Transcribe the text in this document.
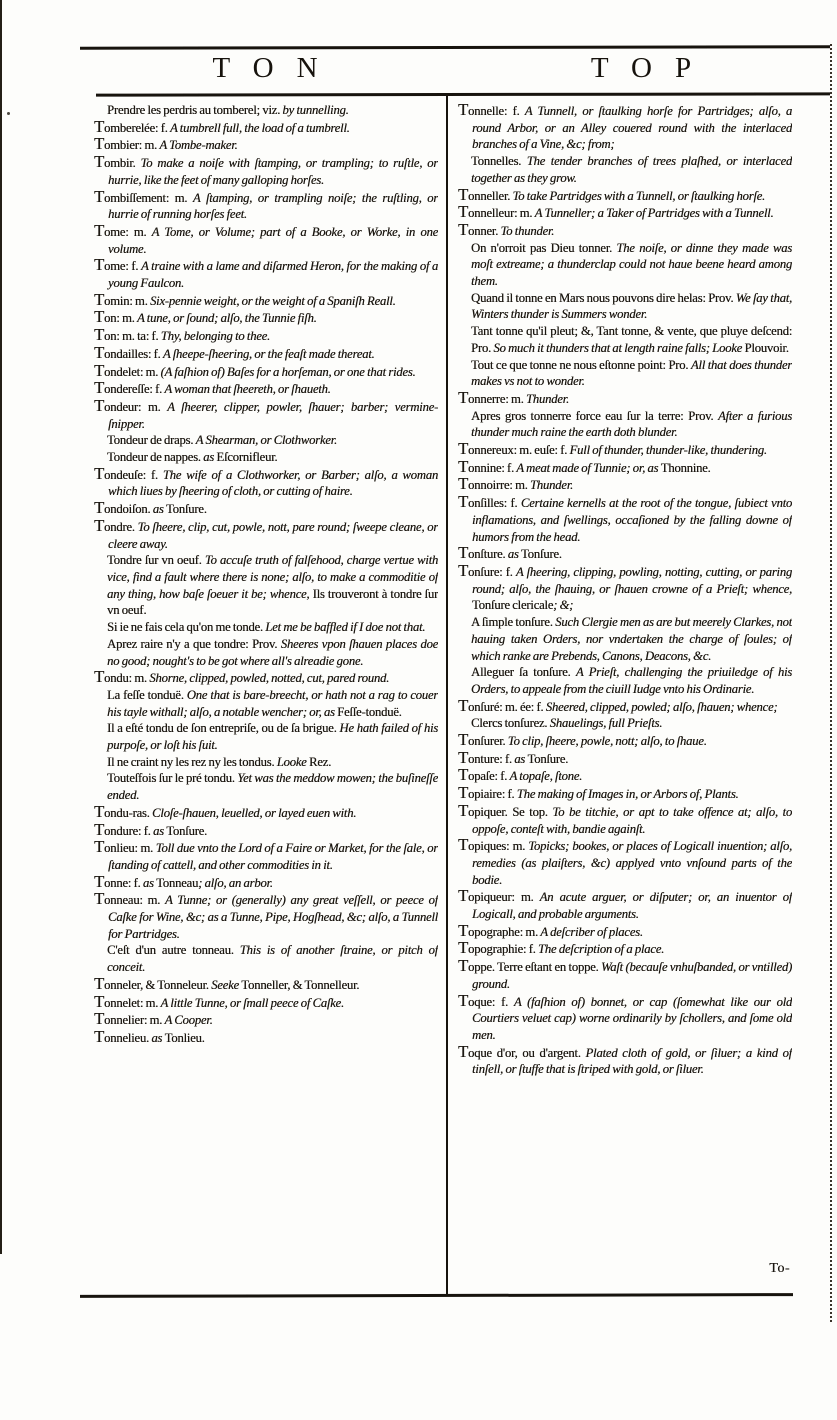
TON	TOP
Prendre les perdris au tomberel; viz. by tunnelling.
Tomberelée: f. A tumbrell full, the load of a tumbrell.
Tombier: m. A Tombe-maker.
Tombir. To make a noiſe with ſtamping, or trampling; to ruſtle, or hurrie, like the feet of many galloping horſes.
Tombiſſement: m. A ſtamping, or trampling noiſe; the ruſtling, or hurrie of running horſes feet.
Tome: m. A Tome, or Volume; part of a Booke, or Worke, in one volume.
Tome: f. A traine with a lame and diſarmed Heron, for the making of a young Faulcon.
Tomin: m. Six-pennie weight, or the weight of a Spaniſh Reall.
Ton: m. A tune, or ſound; alſo, the Tunnie fiſh.
Ton: m. ta: f. Thy, belonging to thee.
Tondailles: f. A ſheepe-ſheering, or the feaſt made thereat.
Tondelet: m. (A faſhion of) Baſes for a horſeman, or one that rides.
Tondereſſe: f. A woman that ſheereth, or ſhaueth.
Tondeur: m. A ſheerer, clipper, powler, ſhauer; barber; vermine-ſnipper.
Tondeur de draps. A Shearman, or Clothworker.
Tondeur de nappes. as Eſcornifleur.
Tondeuſe: f. The wife of a Clothworker, or Barber; alſo, a woman which liues by ſheering of cloth, or cutting of haire.
Tondoiſon. as Tonſure.
Tondre. To ſheere, clip, cut, powle, nott, pare round; ſweepe cleane, or cleere away.
Tondre ſur vn oeuf. To accuſe truth of falſehood, charge vertue with vice, find a fault where there is none; alſo, to make a commoditie of any thing, how baſe ſoeuer it be; whence, Ils trouveront à tondre ſur vn oeuf.
Si ie ne fais cela qu'on me tonde. Let me be baffled if I doe not that.
Aprez raire n'y a que tondre: Prov. Sheeres vpon ſhauen places doe no good; nought's to be got where all's alreadie gone.
Tondu: m. Shorne, clipped, powled, notted, cut, pared round.
La feſſe tonduë. One that is bare-breecht, or hath not a rag to couer his tayle withall; alſo, a notable wencher; or, as Feſſe-tonduë.
Il a eſté tondu de ſon entrepriſe, ou de ſa brigue. He hath failed of his purpoſe, or loſt his ſuit.
Il ne craint ny les rez ny les tondus. Looke Rez.
Touteſfois ſur le pré tondu. Yet was the meddow mowen; the buſineſſe ended.
Tondu-ras. Cloſe-ſhauen, leuelled, or layed euen with.
Tondure: f. as Tonſure.
Tonlieu: m. Toll due vnto the Lord of a Faire or Market, for the ſale, or ſtanding of cattell, and other commodities in it.
Tonne: f. as Tonneau; alſo, an arbor.
Tonneau: m. A Tunne; or (generally) any great veſſell, or peece of Caſke for Wine, &c; as a Tunne, Pipe, Hogſhead, &c; alſo, a Tunnell for Partridges.
C'eſt d'un autre tonneau. This is of another ſtraine, or pitch of conceit.
Tonneler, & Tonneleur. Seeke Tonneller, & Tonnelleur.
Tonnelet: m. A little Tunne, or ſmall peece of Caſke.
Tonnelier: m. A Cooper.
Tonnelieu. as Tonlieu.
Tonnelle: f. A Tunnell, or ſtaulking horſe for Partridges; alſo, a round Arbor, or an Alley couered round with the interlaced branches of a Vine, &c; from;
Tonnelles. The tender branches of trees plaſhed, or interlaced together as they grow.
Tonneller. To take Partridges with a Tunnell, or ſtaulking horſe.
Tonnelleur: m. A Tunneller; a Taker of Partridges with a Tunnell.
Tonner. To thunder.
On n'orroit pas Dieu tonner. The noiſe, or dinne they made was moſt extreame; a thunderclap could not haue beene heard among them.
Quand il tonne en Mars nous pouvons dire helas: Prov. We ſay that, Winters thunder is Summers wonder.
Tant tonne qu'il pleut; &, Tant tonne, & vente, que pluye deſcend: Pro. So much it thunders that at length raine falls; Looke Plouvoir.
Tout ce que tonne ne nous eſtonne point: Pro. All that does thunder makes vs not to wonder.
Tonnerre: m. Thunder.
Apres gros tonnerre force eau ſur la terre: Prov. After a furious thunder much raine the earth doth blunder.
Tonnereux: m. euſe: f. Full of thunder, thunder-like, thundering.
Tonnine: f. A meat made of Tunnie; or, as Thonnine.
Tonnoirre: m. Thunder.
Tonſilles: f. Certaine kernells at the root of the tongue, ſubiect vnto inflamations, and ſwellings, occaſioned by the falling downe of humors from the head.
Tonſture. as Tonſure.
Tonſure: f. A ſheering, clipping, powling, notting, cutting, or paring round; alſo, the ſhauing, or ſhauen crowne of a Prieſt; whence, Tonſure clericale; &;
A ſimple tonſure. Such Clergie men as are but meerely Clarkes, not hauing taken Orders, nor vndertaken the charge of ſoules; of which ranke are Prebends, Canons, Deacons, &c.
Alleguer ſa tonſure. A Prieſt, challenging the priuiledge of his Orders, to appeale from the ciuill Iudge vnto his Ordinarie.
Tonſuré: m. ée: f. Sheered, clipped, powled; alſo, ſhauen; whence;
Clercs tonſurez. Shauelings, full Prieſts.
Tonſurer. To clip, ſheere, powle, nott; alſo, to ſhaue.
Tonture: f. as Tonſure.
Topaſe: f. A topaſe, ſtone.
Topiaire: f. The making of Images in, or Arbors of, Plants.
Topiquer. Se top. To be titchie, or apt to take offence at; alſo, to oppoſe, conteſt with, bandie againſt.
Topiques: m. Topicks; bookes, or places of Logicall inuention; alſo, remedies (as plaiſters, &c) applyed vnto vnſound parts of the bodie.
Topiqueur: m. An acute arguer, or diſputer; or, an inuentor of Logicall, and probable arguments.
Topographe: m. A deſcriber of places.
Topographie: f. The deſcription of a place.
Toppe. Terre eſtant en toppe. Waſt (becauſe vnhuſbanded, or vntilled) ground.
Toque: f. A (faſhion of) bonnet, or cap (ſomewhat like our old Courtiers veluet cap) worne ordinarily by ſchollers, and ſome old men.
Toque d'or, ou d'argent. Plated cloth of gold, or ſiluer; a kind of tinſell, or ſtuffe that is ſtriped with gold, or ſiluer.
To-
